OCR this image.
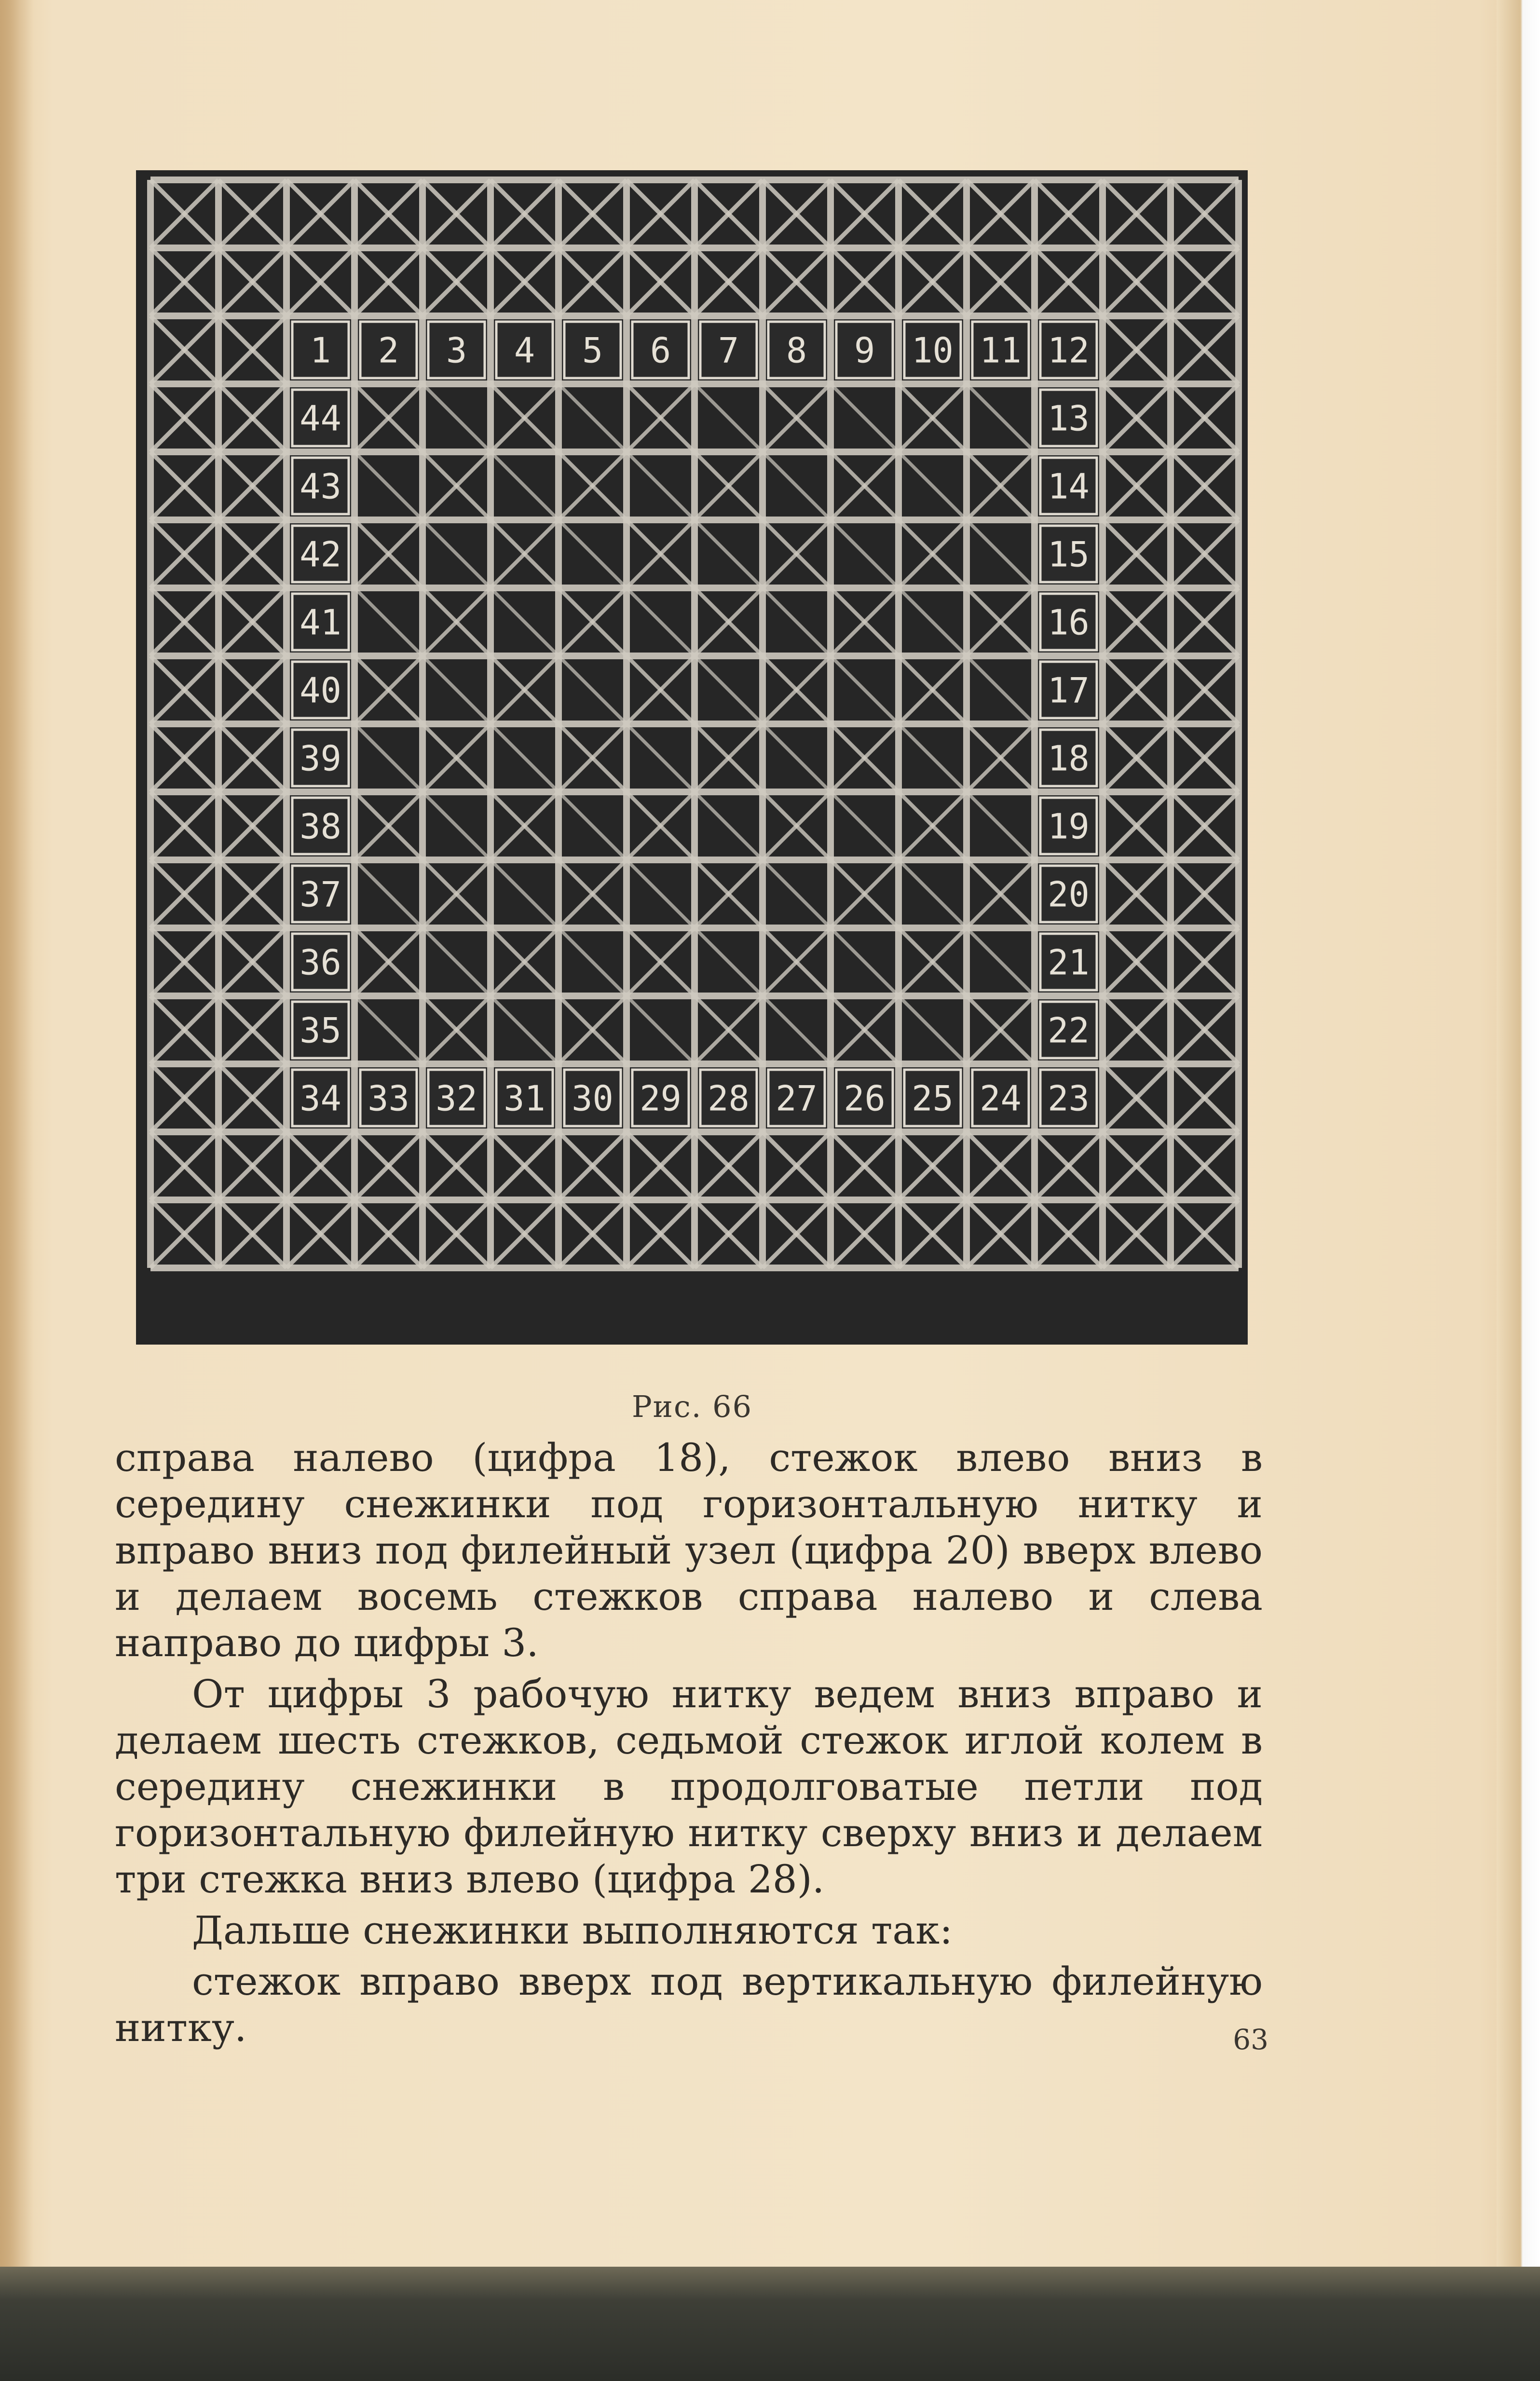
1 2 3 4 5 6 7 8 9 10 11 12
13
14
15
16
17
18
19
20
21
22
23
24
25
26
27
28
29
30
31
32
33
34
35
36
37
38
39
40
41
42
43
44
Рис. 66

справа налево (цифра 18), стежок влево вниз в середину снежинки под горизонтальную нитку и вправо вниз под филейный узел (цифра 20) вверх влево и делаем восемь стежков справа налево и слева направо до цифры 3.

От цифры 3 рабочую нитку ведем вниз вправо и делаем шесть стежков, седьмой стежок иглой колем в середину снежинки в продолговатые петли под горизонтальную филейную нитку сверху вниз и делаем три стежка вниз влево (цифра 28).

Дальше снежинки выполняются так:

стежок вправо вверх под вертикальную филейную нитку.	63
